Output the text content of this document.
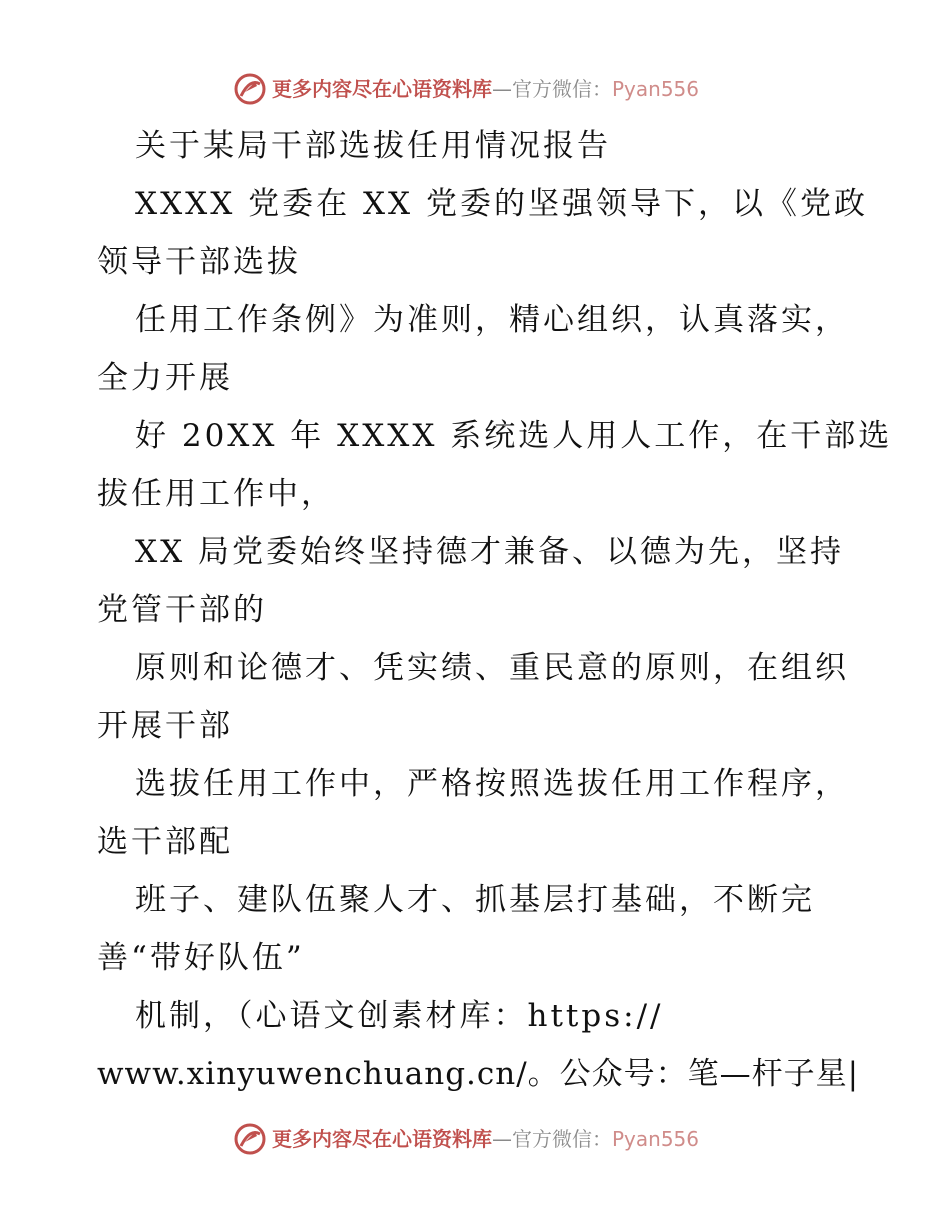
更多内容尽在心语资料库—官方微信：Pyan556
关于某局干部选拔任用情况报告
XXXX 党委在 XX 党委的坚强领导下，以《党政
领导干部选拔
任用工作条例》为准则，精心组织，认真落实，
全力开展
好 20XX 年 XXXX 系统选人用人工作，在干部选
拔任用工作中，
XX 局党委始终坚持德才兼备、以德为先，坚持
党管干部的
原则和论德才、凭实绩、重民意的原则，在组织
开展干部
选拔任用工作中，严格按照选拔任用工作程序，
选干部配
班子、建队伍聚人才、抓基层打基础，不断完
善“带好队伍”
机制，（心语文创素材库：https://
www.xinyuwenchuang.cn/。公众号：笔—杆子星|
更多内容尽在心语资料库—官方微信：Pyan556
